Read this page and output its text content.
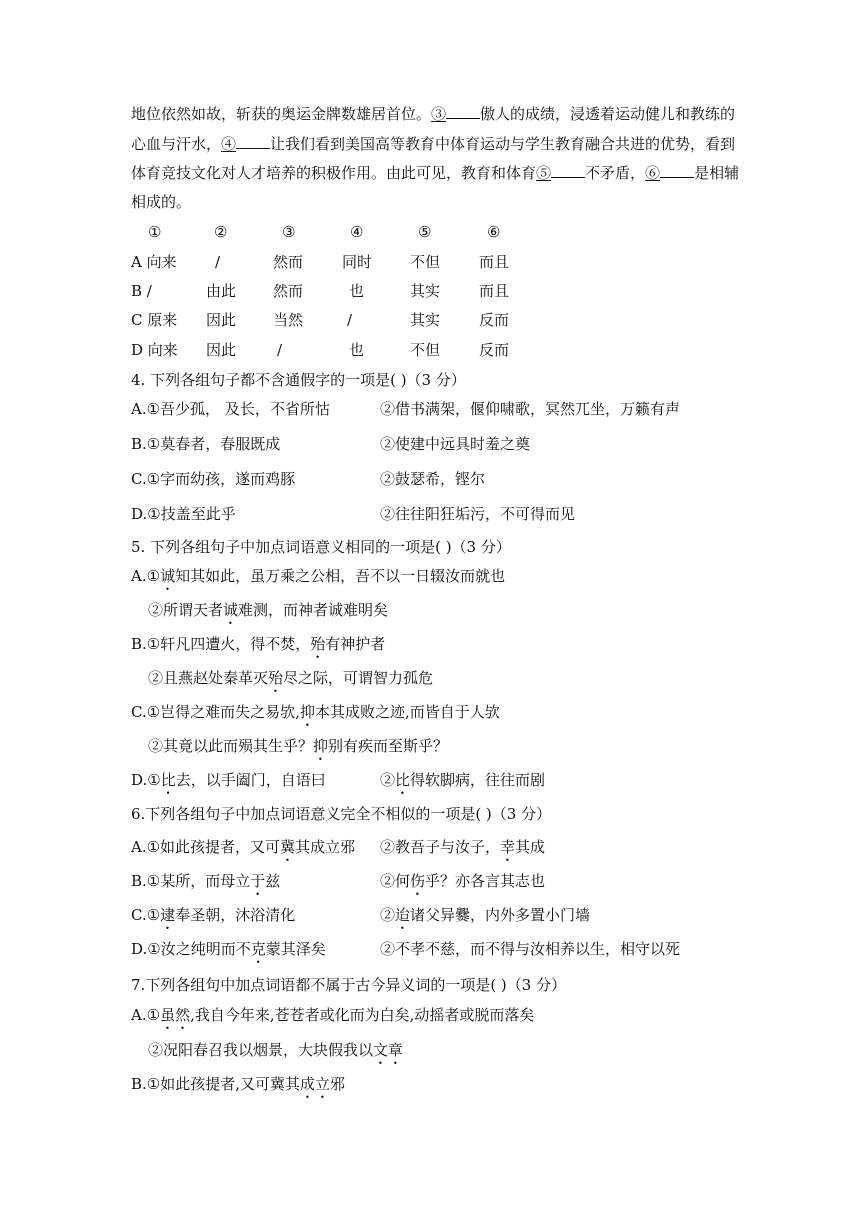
地位依然如故，斩获的奥运金牌数雄居首位。③ 傲人的成绩，浸透着运动健儿和教练的
心血与汗水，④ 让我们看到美国高等教育中体育运动与学生教育融合共进的优势，看到
体育竞技文化对人才培养的积极作用。由此可见，教育和体育⑤ 不矛盾，⑥ 是相辅
相成的。
①	②	③	④	⑤	⑥
A 向来	/	然而	同时	不但	而且
B /	由此 然而	也	其实	而且
C 原来 因此 当然	/	其实	反而
D 向来 因此	/	也	不但	反而
4. 下列各组句子都不含通假字的一项是( )（3 分）
A.①吾少孤， 及长，不省所怙	②借书满架，偃仰啸歌，冥然兀坐，万籁有声
B.①莫春者，春服既成	②使建中远具时羞之奠
C.①字而幼孩，遂而鸡豚	②鼓瑟希，铿尔
D.①技盖至此乎	②往往阳狂垢污，不可得而见
5. 下列各组句子中加点词语意义相同的一项是( )（3 分）
A.①诚知其如此，虽万乘之公相，吾不以一日辍汝而就也
②所谓天者诚难测，而神者诚难明矣
B.①轩凡四遭火，得不焚，殆有神护者
②且燕赵处秦革灭殆尽之际，可谓智力孤危
C.①岂得之难而失之易欤,抑本其成败之迹,而皆自于人欤
②其竟以此而殒其生乎？抑别有疾而至斯乎？
D.①比去，以手阖门，自语曰	②比得软脚病，往往而剧
6.下列各组句子中加点词语意义完全不相似的一项是( )（3 分）
A.①如此孩提者，又可冀其成立邪 ②教吾子与汝子，幸其成
B.①某所，而母立于兹	②何伤乎？亦各言其志也
C.①逮奉圣朝，沐浴清化	②迨诸父异爨，内外多置小门墙
D.①汝之纯明而不克蒙其泽矣	②不孝不慈，而不得与汝相养以生，相守以死
7.下列各组句中加点词语都不属于古今异义词的一项是( )（3 分）
A.①虽然,我自今年来,苍苍者或化而为白矣,动摇者或脱而落矣
②况阳春召我以烟景，大块假我以文章
B.①如此孩提者,又可冀其成立邪
